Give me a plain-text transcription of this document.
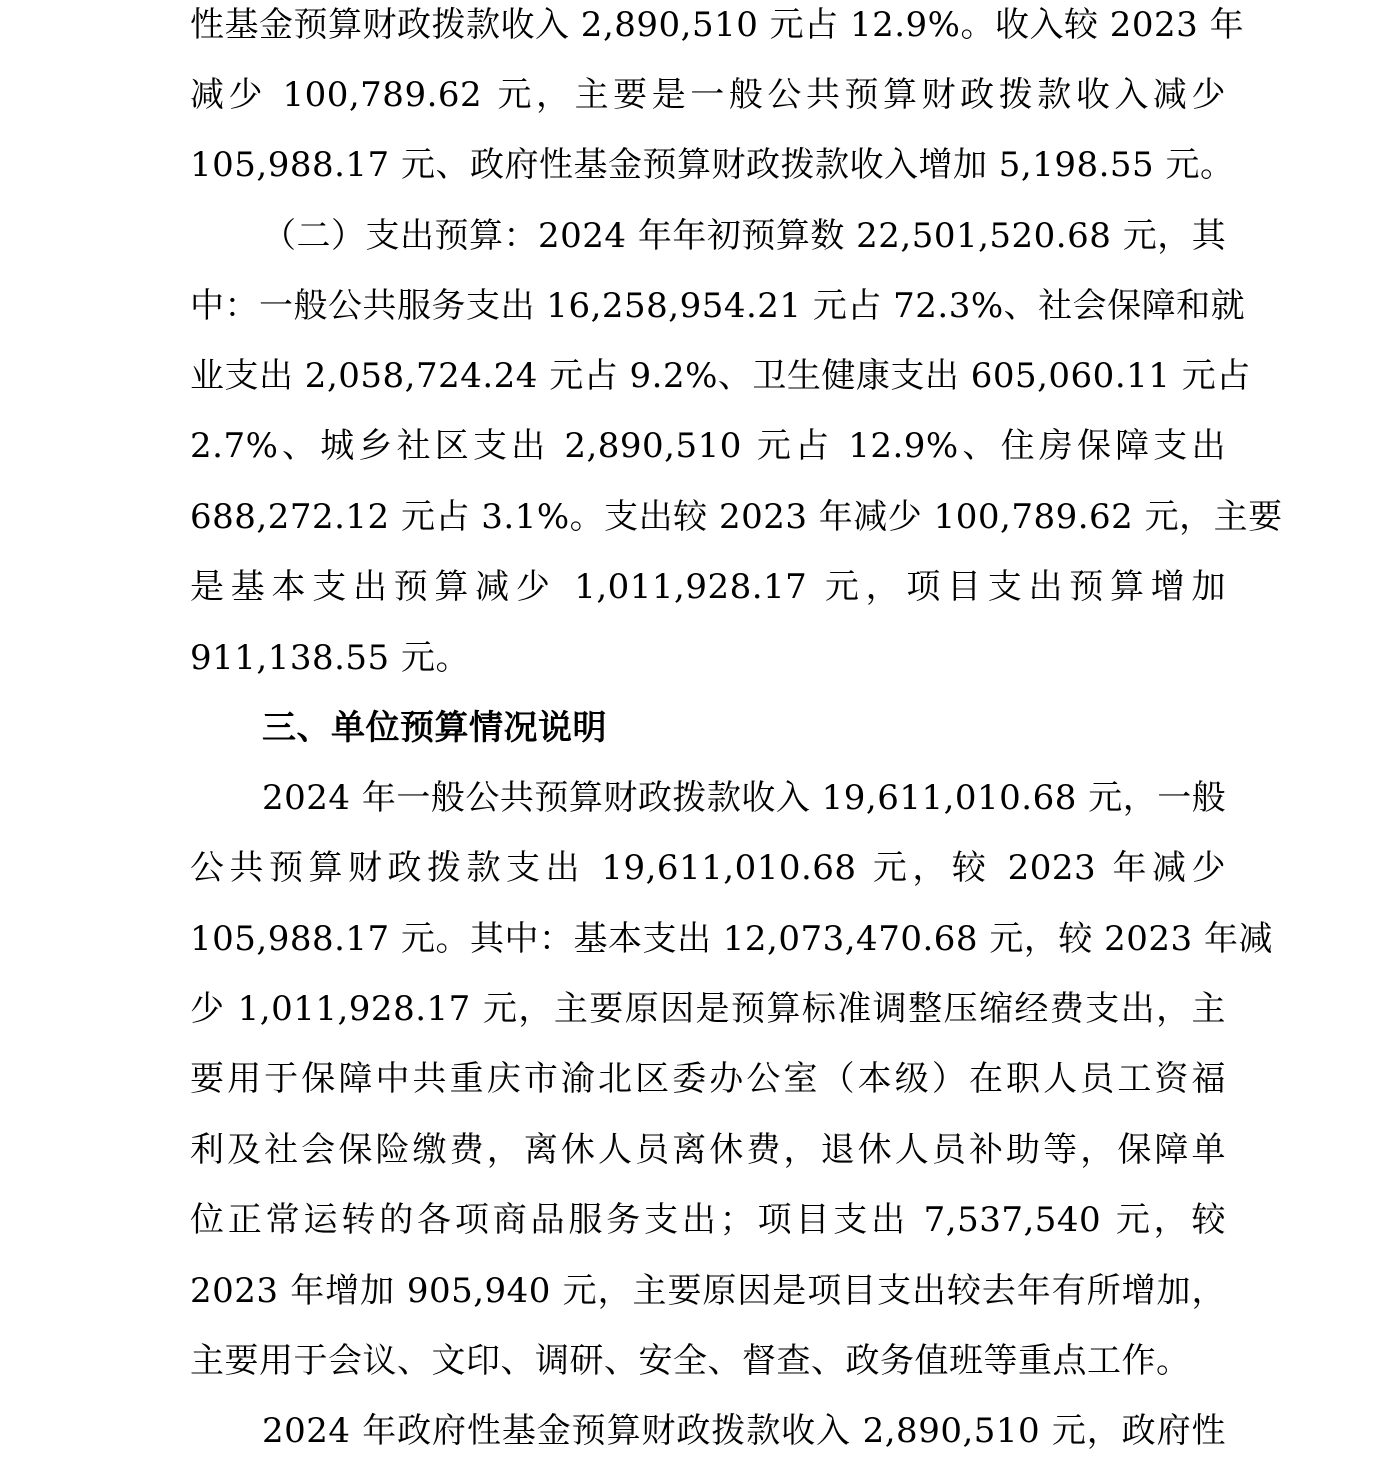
性基金预算财政拨款收入 2,890,510 元占 12.9%。收入较 2023 年
减少 100,789.62 元，主要是一般公共预算财政拨款收入减少
105,988.17 元、政府性基金预算财政拨款收入增加 5,198.55 元。
（二）支出预算：2024 年年初预算数 22,501,520.68 元，其
中：一般公共服务支出 16,258,954.21 元占 72.3%、社会保障和就
业支出 2,058,724.24 元占 9.2%、卫生健康支出 605,060.11 元占
2.7%、城乡社区支出 2,890,510 元占 12.9%、住房保障支出
688,272.12 元占 3.1%。支出较 2023 年减少 100,789.62 元，主要
是基本支出预算减少 1,011,928.17 元，项目支出预算增加
911,138.55 元。
三、单位预算情况说明
2024 年一般公共预算财政拨款收入 19,611,010.68 元，一般
公共预算财政拨款支出 19,611,010.68 元，较 2023 年减少
105,988.17 元。其中：基本支出 12,073,470.68 元，较 2023 年减
少 1,011,928.17 元，主要原因是预算标准调整压缩经费支出，主
要用于保障中共重庆市渝北区委办公室（本级）在职人员工资福
利及社会保险缴费，离休人员离休费，退休人员补助等，保障单
位正常运转的各项商品服务支出；项目支出 7,537,540 元，较
2023 年增加 905,940 元，主要原因是项目支出较去年有所增加，
主要用于会议、文印、调研、安全、督查、政务值班等重点工作。
2024 年政府性基金预算财政拨款收入 2,890,510 元，政府性
